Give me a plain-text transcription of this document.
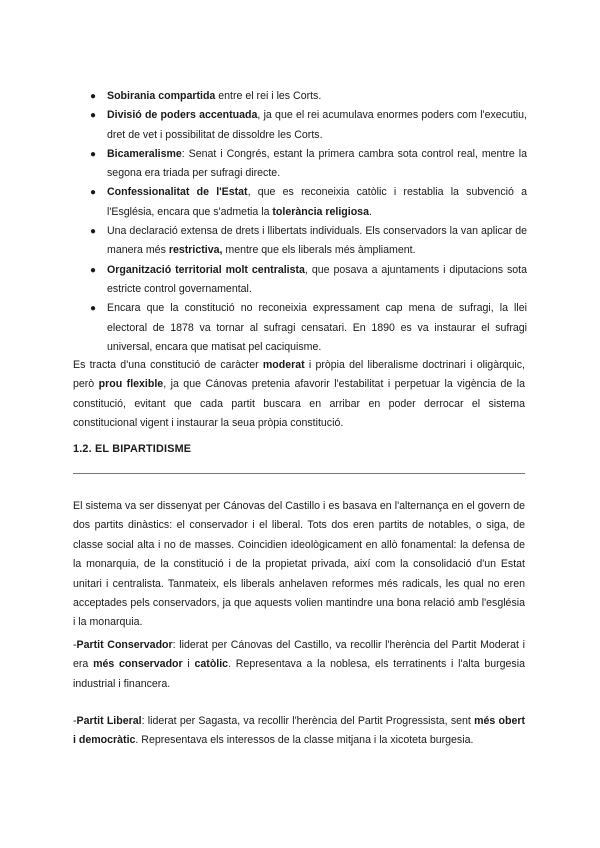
● Sobirania compartida entre el rei i les Corts.
● Divisió de poders accentuada, ja que el rei acumulava enormes poders com l'executiu, dret de vet i possibilitat de dissoldre les Corts.
● Bicameralisme: Senat i Congrés, estant la primera cambra sota control real, mentre la segona era triada per sufragi directe.
● Confessionalitat de l'Estat, que es reconeixia catòlic i restablia la subvenció a l'Església, encara que s'admetia la tolerància religiosa.
● Una declaració extensa de drets i llibertats individuals. Els conservadors la van aplicar de manera més restrictiva, mentre que els liberals més àmpliament.
● Organització territorial molt centralista, que posava a ajuntaments i diputacions sota estricte control governamental.
● Encara que la constitució no reconeixia expressament cap mena de sufragi, la llei electoral de 1878 va tornar al sufragi censatari. En 1890 es va instaurar el sufragi universal, encara que matisat pel caciquisme.

Es tracta d'una constitució de caràcter moderat i pròpia del liberalisme doctrinari i oligàrquic, però prou flexible, ja que Cánovas pretenia afavorir l'estabilitat i perpetuar la vigència de la constitució, evitant que cada partit buscara en arribar en poder derrocar el sistema constitucional vigent i instaurar la seua pròpia constitució.

1.2. EL BIPARTIDISME

El sistema va ser dissenyat per Cánovas del Castillo i es basava en l'alternança en el govern de dos partits dinàstics: el conservador i el liberal. Tots dos eren partits de notables, o siga, de classe social alta i no de masses. Coincidien ideològicament en allò fonamental: la defensa de la monarquia, de la constitució i de la propietat privada, així com la consolidació d'un Estat unitari i centralista. Tanmateix, els liberals anhelaven reformes més radicals, les qual no eren acceptades pels conservadors, ja que aquests volien mantindre una bona relació amb l'església i la monarquia.

-Partit Conservador: liderat per Cánovas del Castillo, va recollir l'herència del Partit Moderat i era més conservador i catòlic. Representava a la noblesa, els terratinents i l'alta burgesia industrial i financera.

-Partit Liberal: liderat per Sagasta, va recollir l'herència del Partit Progressista, sent més obert i democràtic. Representava els interessos de la classe mitjana i la xicoteta burgesia.
